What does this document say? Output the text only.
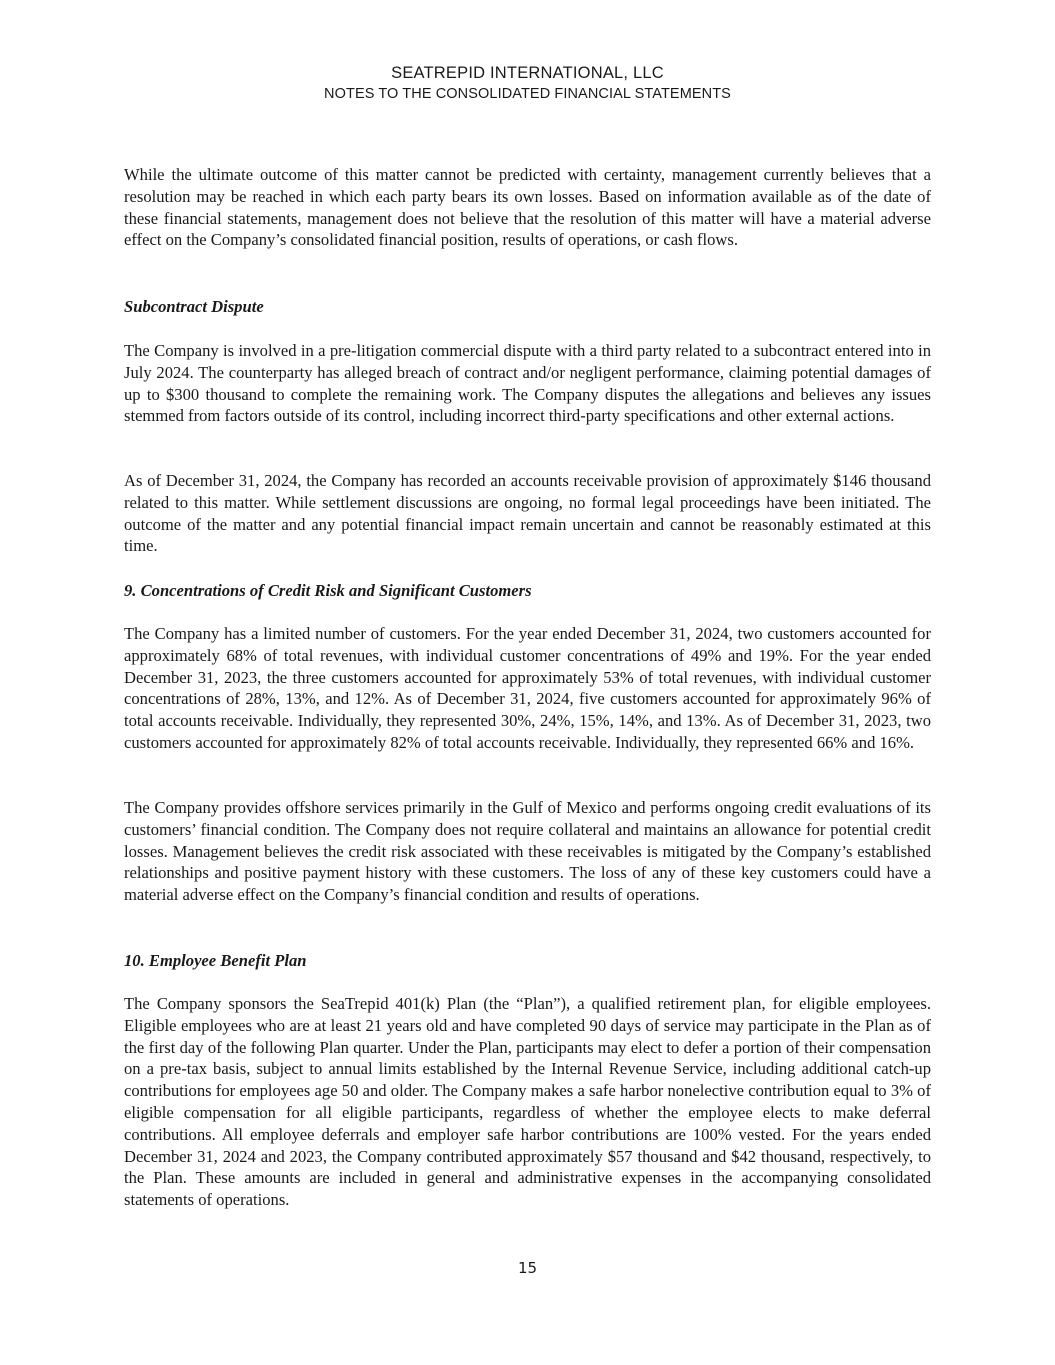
SEATREPID INTERNATIONAL, LLC
NOTES TO THE CONSOLIDATED FINANCIAL STATEMENTS

While the ultimate outcome of this matter cannot be predicted with certainty, management currently believes that a resolution may be reached in which each party bears its own losses. Based on information available as of the date of these financial statements, management does not believe that the resolution of this matter will have a material adverse effect on the Company’s consolidated financial position, results of operations, or cash flows.

Subcontract Dispute

The Company is involved in a pre-litigation commercial dispute with a third party related to a subcontract entered into in July 2024. The counterparty has alleged breach of contract and/or negligent performance, claiming potential damages of up to $300 thousand to complete the remaining work. The Company disputes the allegations and believes any issues stemmed from factors outside of its control, including incorrect third-party specifications and other external actions.

As of December 31, 2024, the Company has recorded an accounts receivable provision of approximately $146 thousand related to this matter. While settlement discussions are ongoing, no formal legal proceedings have been initiated. The outcome of the matter and any potential financial impact remain uncertain and cannot be reasonably estimated at this time.

9. Concentrations of Credit Risk and Significant Customers

The Company has a limited number of customers. For the year ended December 31, 2024, two customers accounted for approximately 68% of total revenues, with individual customer concentrations of 49% and 19%. For the year ended December 31, 2023, the three customers accounted for approximately 53% of total revenues, with individual customer concentrations of 28%, 13%, and 12%. As of December 31, 2024, five customers accounted for approximately 96% of total accounts receivable. Individually, they represented 30%, 24%, 15%, 14%, and 13%. As of December 31, 2023, two customers accounted for approximately 82% of total accounts receivable. Individually, they represented 66% and 16%.

The Company provides offshore services primarily in the Gulf of Mexico and performs ongoing credit evaluations of its customers’ financial condition. The Company does not require collateral and maintains an allowance for potential credit losses. Management believes the credit risk associated with these receivables is mitigated by the Company’s established relationships and positive payment history with these customers. The loss of any of these key customers could have a material adverse effect on the Company’s financial condition and results of operations.

10. Employee Benefit Plan

The Company sponsors the SeaTrepid 401(k) Plan (the “Plan”), a qualified retirement plan, for eligible employees. Eligible employees who are at least 21 years old and have completed 90 days of service may participate in the Plan as of the first day of the following Plan quarter. Under the Plan, participants may elect to defer a portion of their compensation on a pre-tax basis, subject to annual limits established by the Internal Revenue Service, including additional catch-up contributions for employees age 50 and older. The Company makes a safe harbor nonelective contribution equal to 3% of eligible compensation for all eligible participants, regardless of whether the employee elects to make deferral contributions. All employee deferrals and employer safe harbor contributions are 100% vested. For the years ended December 31, 2024 and 2023, the Company contributed approximately $57 thousand and $42 thousand, respectively, to the Plan. These amounts are included in general and administrative expenses in the accompanying consolidated statements of operations.

15
